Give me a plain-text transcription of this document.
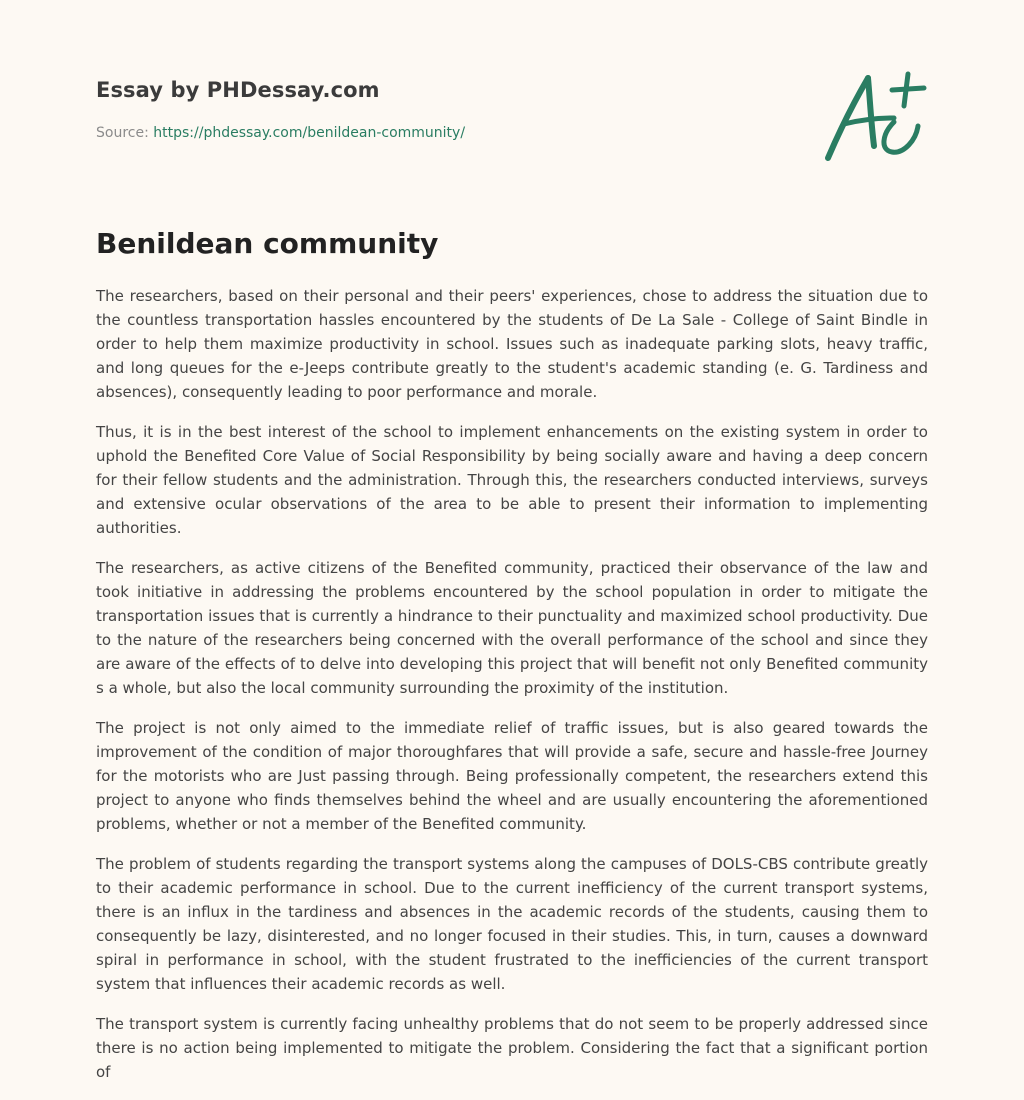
Essay by PHDessay.com
Source: https://phdessay.com/benildean-community/
Benildean community

The researchers, based on their personal and their peers' experiences, chose to address the situation due to the countless transportation hassles encountered by the students of De La Sale - College of Saint Bindle in order to help them maximize productivity in school. Issues such as inadequate parking slots, heavy traffic, and long queues for the e-Jeeps contribute greatly to the student's academic standing (e. G. Tardiness and absences), consequently leading to poor performance and morale.

Thus, it is in the best interest of the school to implement enhancements on the existing system in order to uphold the Benefited Core Value of Social Responsibility by being socially aware and having a deep concern for their fellow students and the administration. Through this, the researchers conducted interviews, surveys and extensive ocular observations of the area to be able to present their information to implementing authorities.

The researchers, as active citizens of the Benefited community, practiced their observance of the law and took initiative in addressing the problems encountered by the school population in order to mitigate the transportation issues that is currently a hindrance to their punctuality and maximized school productivity. Due to the nature of the researchers being concerned with the overall performance of the school and since they are aware of the effects of to delve into developing this project that will benefit not only Benefited community s a whole, but also the local community surrounding the proximity of the institution.

The project is not only aimed to the immediate relief of traffic issues, but is also geared towards the improvement of the condition of major thoroughfares that will provide a safe, secure and hassle-free Journey for the motorists who are Just passing through. Being professionally competent, the researchers extend this project to anyone who finds themselves behind the wheel and are usually encountering the aforementioned problems, whether or not a member of the Benefited community.

The problem of students regarding the transport systems along the campuses of DOLS-CBS contribute greatly to their academic performance in school. Due to the current inefficiency of the current transport systems, there is an influx in the tardiness and absences in the academic records of the students, causing them to consequently be lazy, disinterested, and no longer focused in their studies. This, in turn, causes a downward spiral in performance in school, with the student frustrated to the inefficiencies of the current transport system that influences their academic records as well.

The transport system is currently facing unhealthy problems that do not seem to be properly addressed since there is no action being implemented to mitigate the problem. Considering the fact that a significant portion of
